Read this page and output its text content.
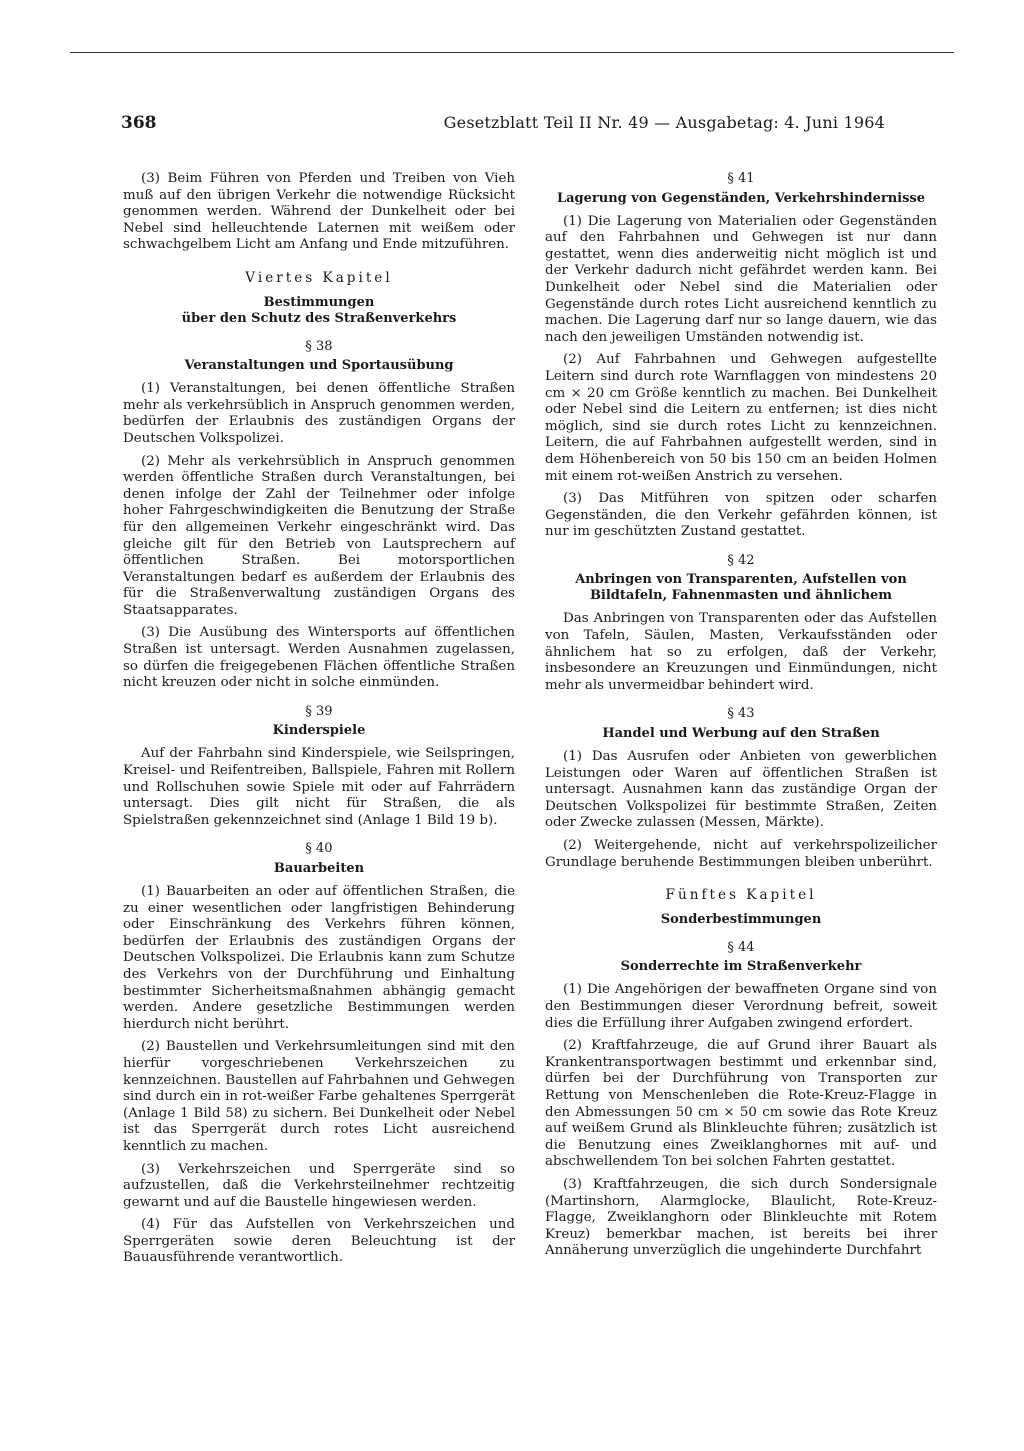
368	Gesetzblatt Teil II Nr. 49 — Ausgabetag: 4. Juni 1964

(3) Beim Führen von Pferden und Treiben von Vieh muß auf den übrigen Verkehr die notwendige Rücksicht genommen werden. Während der Dunkelheit oder bei Nebel sind helleuchtende Laternen mit weißem oder schwachgelbem Licht am Anfang und Ende mitzuführen.

Viertes Kapitel
Bestimmungen
über den Schutz des Straßenverkehrs
§ 38
Veranstaltungen und Sportausübung

(1) Veranstaltungen, bei denen öffentliche Straßen mehr als verkehrsüblich in Anspruch genommen werden, bedürfen der Erlaubnis des zuständigen Organs der Deutschen Volkspolizei.

(2) Mehr als verkehrsüblich in Anspruch genommen werden öffentliche Straßen durch Veranstaltungen, bei denen infolge der Zahl der Teilnehmer oder infolge hoher Fahrgeschwindigkeiten die Benutzung der Straße für den allgemeinen Verkehr eingeschränkt wird. Das gleiche gilt für den Betrieb von Lautsprechern auf öffentlichen Straßen. Bei motorsportlichen Veranstaltungen bedarf es außerdem der Erlaubnis des für die Straßenverwaltung zuständigen Organs des Staatsapparates.

(3) Die Ausübung des Wintersports auf öffentlichen Straßen ist untersagt. Werden Ausnahmen zugelassen, so dürfen die freigegebenen Flächen öffentliche Straßen nicht kreuzen oder nicht in solche einmünden.

§ 39
Kinderspiele

Auf der Fahrbahn sind Kinderspiele, wie Seilspringen, Kreisel- und Reifentreiben, Ballspiele, Fahren mit Rollern und Rollschuhen sowie Spiele mit oder auf Fahrrädern untersagt. Dies gilt nicht für Straßen, die als Spielstraßen gekennzeichnet sind (Anlage 1 Bild 19 b).

§ 40
Bauarbeiten

(1) Bauarbeiten an oder auf öffentlichen Straßen, die zu einer wesentlichen oder langfristigen Behinderung oder Einschränkung des Verkehrs führen können, bedürfen der Erlaubnis des zuständigen Organs der Deutschen Volkspolizei. Die Erlaubnis kann zum Schutze des Verkehrs von der Durchführung und Einhaltung bestimmter Sicherheitsmaßnahmen abhängig gemacht werden. Andere gesetzliche Bestimmungen werden hierdurch nicht berührt.

(2) Baustellen und Verkehrsumleitungen sind mit den hierfür vorgeschriebenen Verkehrszeichen zu kennzeichnen. Baustellen auf Fahrbahnen und Gehwegen sind durch ein in rot-weißer Farbe gehaltenes Sperrgerät (Anlage 1 Bild 58) zu sichern. Bei Dunkelheit oder Nebel ist das Sperrgerät durch rotes Licht ausreichend kenntlich zu machen.

(3) Verkehrszeichen und Sperrgeräte sind so aufzustellen, daß die Verkehrsteilnehmer rechtzeitig gewarnt und auf die Baustelle hingewiesen werden.

(4) Für das Aufstellen von Verkehrszeichen und Sperrgeräten sowie deren Beleuchtung ist der Bauausführende verantwortlich.

§ 41
Lagerung von Gegenständen, Verkehrshindernisse

(1) Die Lagerung von Materialien oder Gegenständen auf den Fahrbahnen und Gehwegen ist nur dann gestattet, wenn dies anderweitig nicht möglich ist und der Verkehr dadurch nicht gefährdet werden kann. Bei Dunkelheit oder Nebel sind die Materialien oder Gegenstände durch rotes Licht ausreichend kenntlich zu machen. Die Lagerung darf nur so lange dauern, wie das nach den jeweiligen Umständen notwendig ist.

(2) Auf Fahrbahnen und Gehwegen aufgestellte Leitern sind durch rote Warnflaggen von mindestens 20 cm × 20 cm Größe kenntlich zu machen. Bei Dunkelheit oder Nebel sind die Leitern zu entfernen; ist dies nicht möglich, sind sie durch rotes Licht zu kennzeichnen. Leitern, die auf Fahrbahnen aufgestellt werden, sind in dem Höhenbereich von 50 bis 150 cm an beiden Holmen mit einem rot-weißen Anstrich zu versehen.

(3) Das Mitführen von spitzen oder scharfen Gegenständen, die den Verkehr gefährden können, ist nur im geschützten Zustand gestattet.

§ 42
Anbringen von Transparenten, Aufstellen von Bildtafeln, Fahnenmasten und ähnlichem

Das Anbringen von Transparenten oder das Aufstellen von Tafeln, Säulen, Masten, Verkaufsständen oder ähnlichem hat so zu erfolgen, daß der Verkehr, insbesondere an Kreuzungen und Einmündungen, nicht mehr als unvermeidbar behindert wird.

§ 43
Handel und Werbung auf den Straßen

(1) Das Ausrufen oder Anbieten von gewerblichen Leistungen oder Waren auf öffentlichen Straßen ist untersagt. Ausnahmen kann das zuständige Organ der Deutschen Volkspolizei für bestimmte Straßen, Zeiten oder Zwecke zulassen (Messen, Märkte).

(2) Weitergehende, nicht auf verkehrspolizeilicher Grundlage beruhende Bestimmungen bleiben unberührt.

Fünftes Kapitel
Sonderbestimmungen
§ 44
Sonderrechte im Straßenverkehr

(1) Die Angehörigen der bewaffneten Organe sind von den Bestimmungen dieser Verordnung befreit, soweit dies die Erfüllung ihrer Aufgaben zwingend erfordert.

(2) Kraftfahrzeuge, die auf Grund ihrer Bauart als Krankentransportwagen bestimmt und erkennbar sind, dürfen bei der Durchführung von Transporten zur Rettung von Menschenleben die Rote-Kreuz-Flagge in den Abmessungen 50 cm × 50 cm sowie das Rote Kreuz auf weißem Grund als Blinkleuchte führen; zusätzlich ist die Benutzung eines Zweiklanghornes mit auf- und abschwellendem Ton bei solchen Fahrten gestattet.

(3) Kraftfahrzeugen, die sich durch Sondersignale (Martinshorn, Alarmglocke, Blaulicht, Rote-Kreuz-Flagge, Zweiklanghorn oder Blinkleuchte mit Rotem Kreuz) bemerkbar machen, ist bereits bei ihrer Annäherung unverzüglich die ungehinderte Durchfahrt
